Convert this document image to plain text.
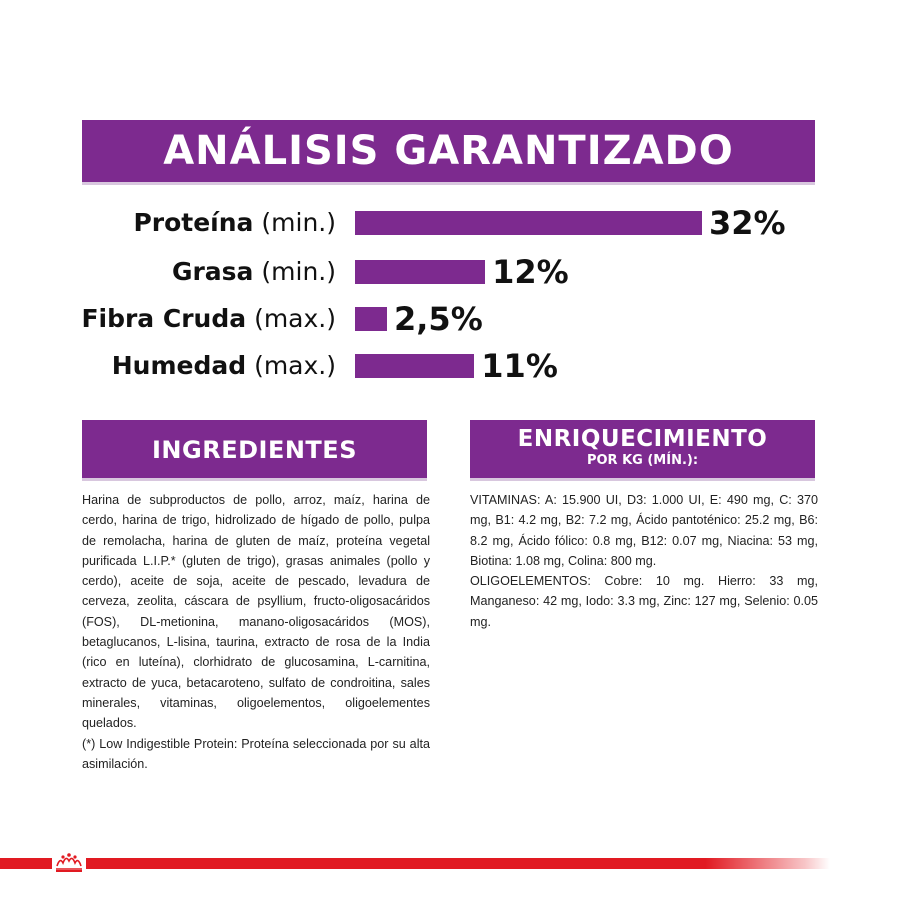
ANÁLISIS GARANTIZADO
Proteína (min.)	32%
Grasa (min.)	12%
Fibra Cruda (max.) 2,5%
Humedad (max.)	11%
INGREDIENTES

Harina de subproductos de pollo, arroz, maíz, harina de cerdo, harina de trigo, hidrolizado de hígado de pollo, pulpa de remolacha, harina de gluten de maíz, proteína vegetal purificada L.I.P.* (gluten de trigo), grasas animales (pollo y cerdo), aceite de soja, aceite de pescado, levadura de cerveza, zeolita, cáscara de psyllium, fructo-oligosacáridos (FOS), DL-metionina, manano-oligosacáridos (MOS), betaglucanos, L-lisina, taurina, extracto de rosa de la India (rico en luteína), clorhidrato de glucosamina, L-carnitina, extracto de yuca, betacaroteno, sulfato de condroitina, sales minerales, vitaminas, oligoelementos, oligoelementes quelados.

(*) Low Indigestible Protein: Proteína seleccionada por su alta asimilación.

ENRIQUECIMIENTO
POR KG (MÍN.):

VITAMINAS: A: 15.900 UI, D3: 1.000 UI, E: 490 mg, C: 370 mg, B1: 4.2 mg, B2: 7.2 mg, Ácido pantoténico: 25.2 mg, B6: 8.2 mg, Ácido fólico: 0.8 mg, B12: 0.07 mg, Niacina: 53 mg, Biotina: 1.08 mg, Colina: 800 mg.

OLIGOELEMENTOS: Cobre: 10 mg. Hierro: 33 mg, Manganeso: 42 mg, Iodo: 3.3 mg, Zinc: 127 mg, Selenio: 0.05 mg.
